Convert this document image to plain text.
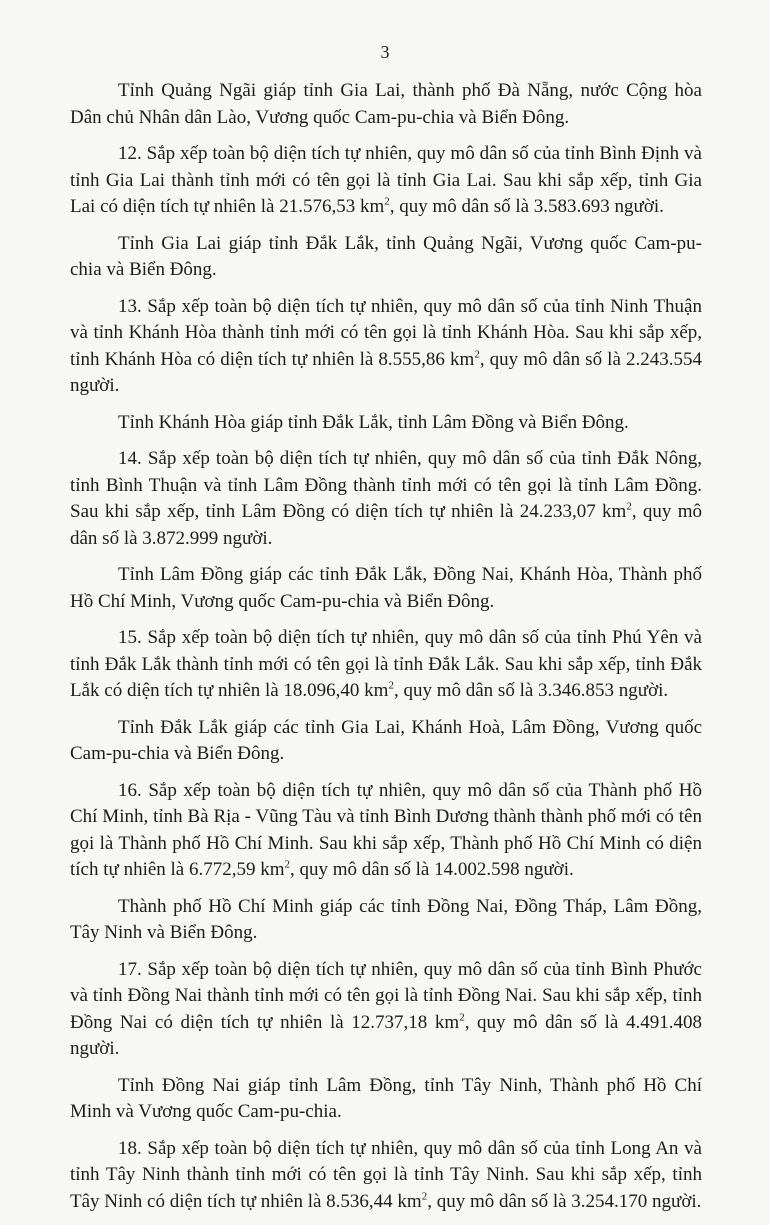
3

Tỉnh Quảng Ngãi giáp tỉnh Gia Lai, thành phố Đà Nẵng, nước Cộng hòa Dân chủ Nhân dân Lào, Vương quốc Cam-pu-chia và Biển Đông.

12. Sắp xếp toàn bộ diện tích tự nhiên, quy mô dân số của tỉnh Bình Định và tỉnh Gia Lai thành tỉnh mới có tên gọi là tỉnh Gia Lai. Sau khi sắp xếp, tỉnh Gia Lai có diện tích tự nhiên là 21.576,53 $km^2$, quy mô dân số là 3.583.693 người.

Tỉnh Gia Lai giáp tỉnh Đắk Lắk, tỉnh Quảng Ngãi, Vương quốc Cam-pu-chia và Biển Đông.

13. Sắp xếp toàn bộ diện tích tự nhiên, quy mô dân số của tỉnh Ninh Thuận và tỉnh Khánh Hòa thành tỉnh mới có tên gọi là tỉnh Khánh Hòa. Sau khi sắp xếp, tỉnh Khánh Hòa có diện tích tự nhiên là 8.555,86 $km^2$, quy mô dân số là 2.243.554 người.

Tỉnh Khánh Hòa giáp tỉnh Đắk Lắk, tỉnh Lâm Đồng và Biển Đông.

14. Sắp xếp toàn bộ diện tích tự nhiên, quy mô dân số của tỉnh Đắk Nông, tỉnh Bình Thuận và tỉnh Lâm Đồng thành tỉnh mới có tên gọi là tỉnh Lâm Đồng. Sau khi sắp xếp, tỉnh Lâm Đồng có diện tích tự nhiên là 24.233,07 $km^2$, quy mô dân số là 3.872.999 người.

Tỉnh Lâm Đồng giáp các tỉnh Đắk Lắk, Đồng Nai, Khánh Hòa, Thành phố Hồ Chí Minh, Vương quốc Cam-pu-chia và Biển Đông.

15. Sắp xếp toàn bộ diện tích tự nhiên, quy mô dân số của tỉnh Phú Yên và tỉnh Đắk Lắk thành tỉnh mới có tên gọi là tỉnh Đắk Lắk. Sau khi sắp xếp, tỉnh Đắk Lắk có diện tích tự nhiên là 18.096,40 $km^2$, quy mô dân số là 3.346.853 người.

Tỉnh Đắk Lắk giáp các tỉnh Gia Lai, Khánh Hoà, Lâm Đồng, Vương quốc Cam-pu-chia và Biển Đông.

16. Sắp xếp toàn bộ diện tích tự nhiên, quy mô dân số của Thành phố Hồ Chí Minh, tỉnh Bà Rịa - Vũng Tàu và tỉnh Bình Dương thành thành phố mới có tên gọi là Thành phố Hồ Chí Minh. Sau khi sắp xếp, Thành phố Hồ Chí Minh có diện tích tự nhiên là 6.772,59 $km^2$, quy mô dân số là 14.002.598 người.

Thành phố Hồ Chí Minh giáp các tỉnh Đồng Nai, Đồng Tháp, Lâm Đồng, Tây Ninh và Biển Đông.

17. Sắp xếp toàn bộ diện tích tự nhiên, quy mô dân số của tỉnh Bình Phước và tỉnh Đồng Nai thành tỉnh mới có tên gọi là tỉnh Đồng Nai. Sau khi sắp xếp, tỉnh Đồng Nai có diện tích tự nhiên là 12.737,18 $km^2$, quy mô dân số là 4.491.408 người.

Tỉnh Đồng Nai giáp tỉnh Lâm Đồng, tỉnh Tây Ninh, Thành phố Hồ Chí Minh và Vương quốc Cam-pu-chia.

18. Sắp xếp toàn bộ diện tích tự nhiên, quy mô dân số của tỉnh Long An và tỉnh Tây Ninh thành tỉnh mới có tên gọi là tỉnh Tây Ninh. Sau khi sắp xếp, tỉnh Tây Ninh có diện tích tự nhiên là 8.536,44 $km^2$, quy mô dân số là 3.254.170 người.
